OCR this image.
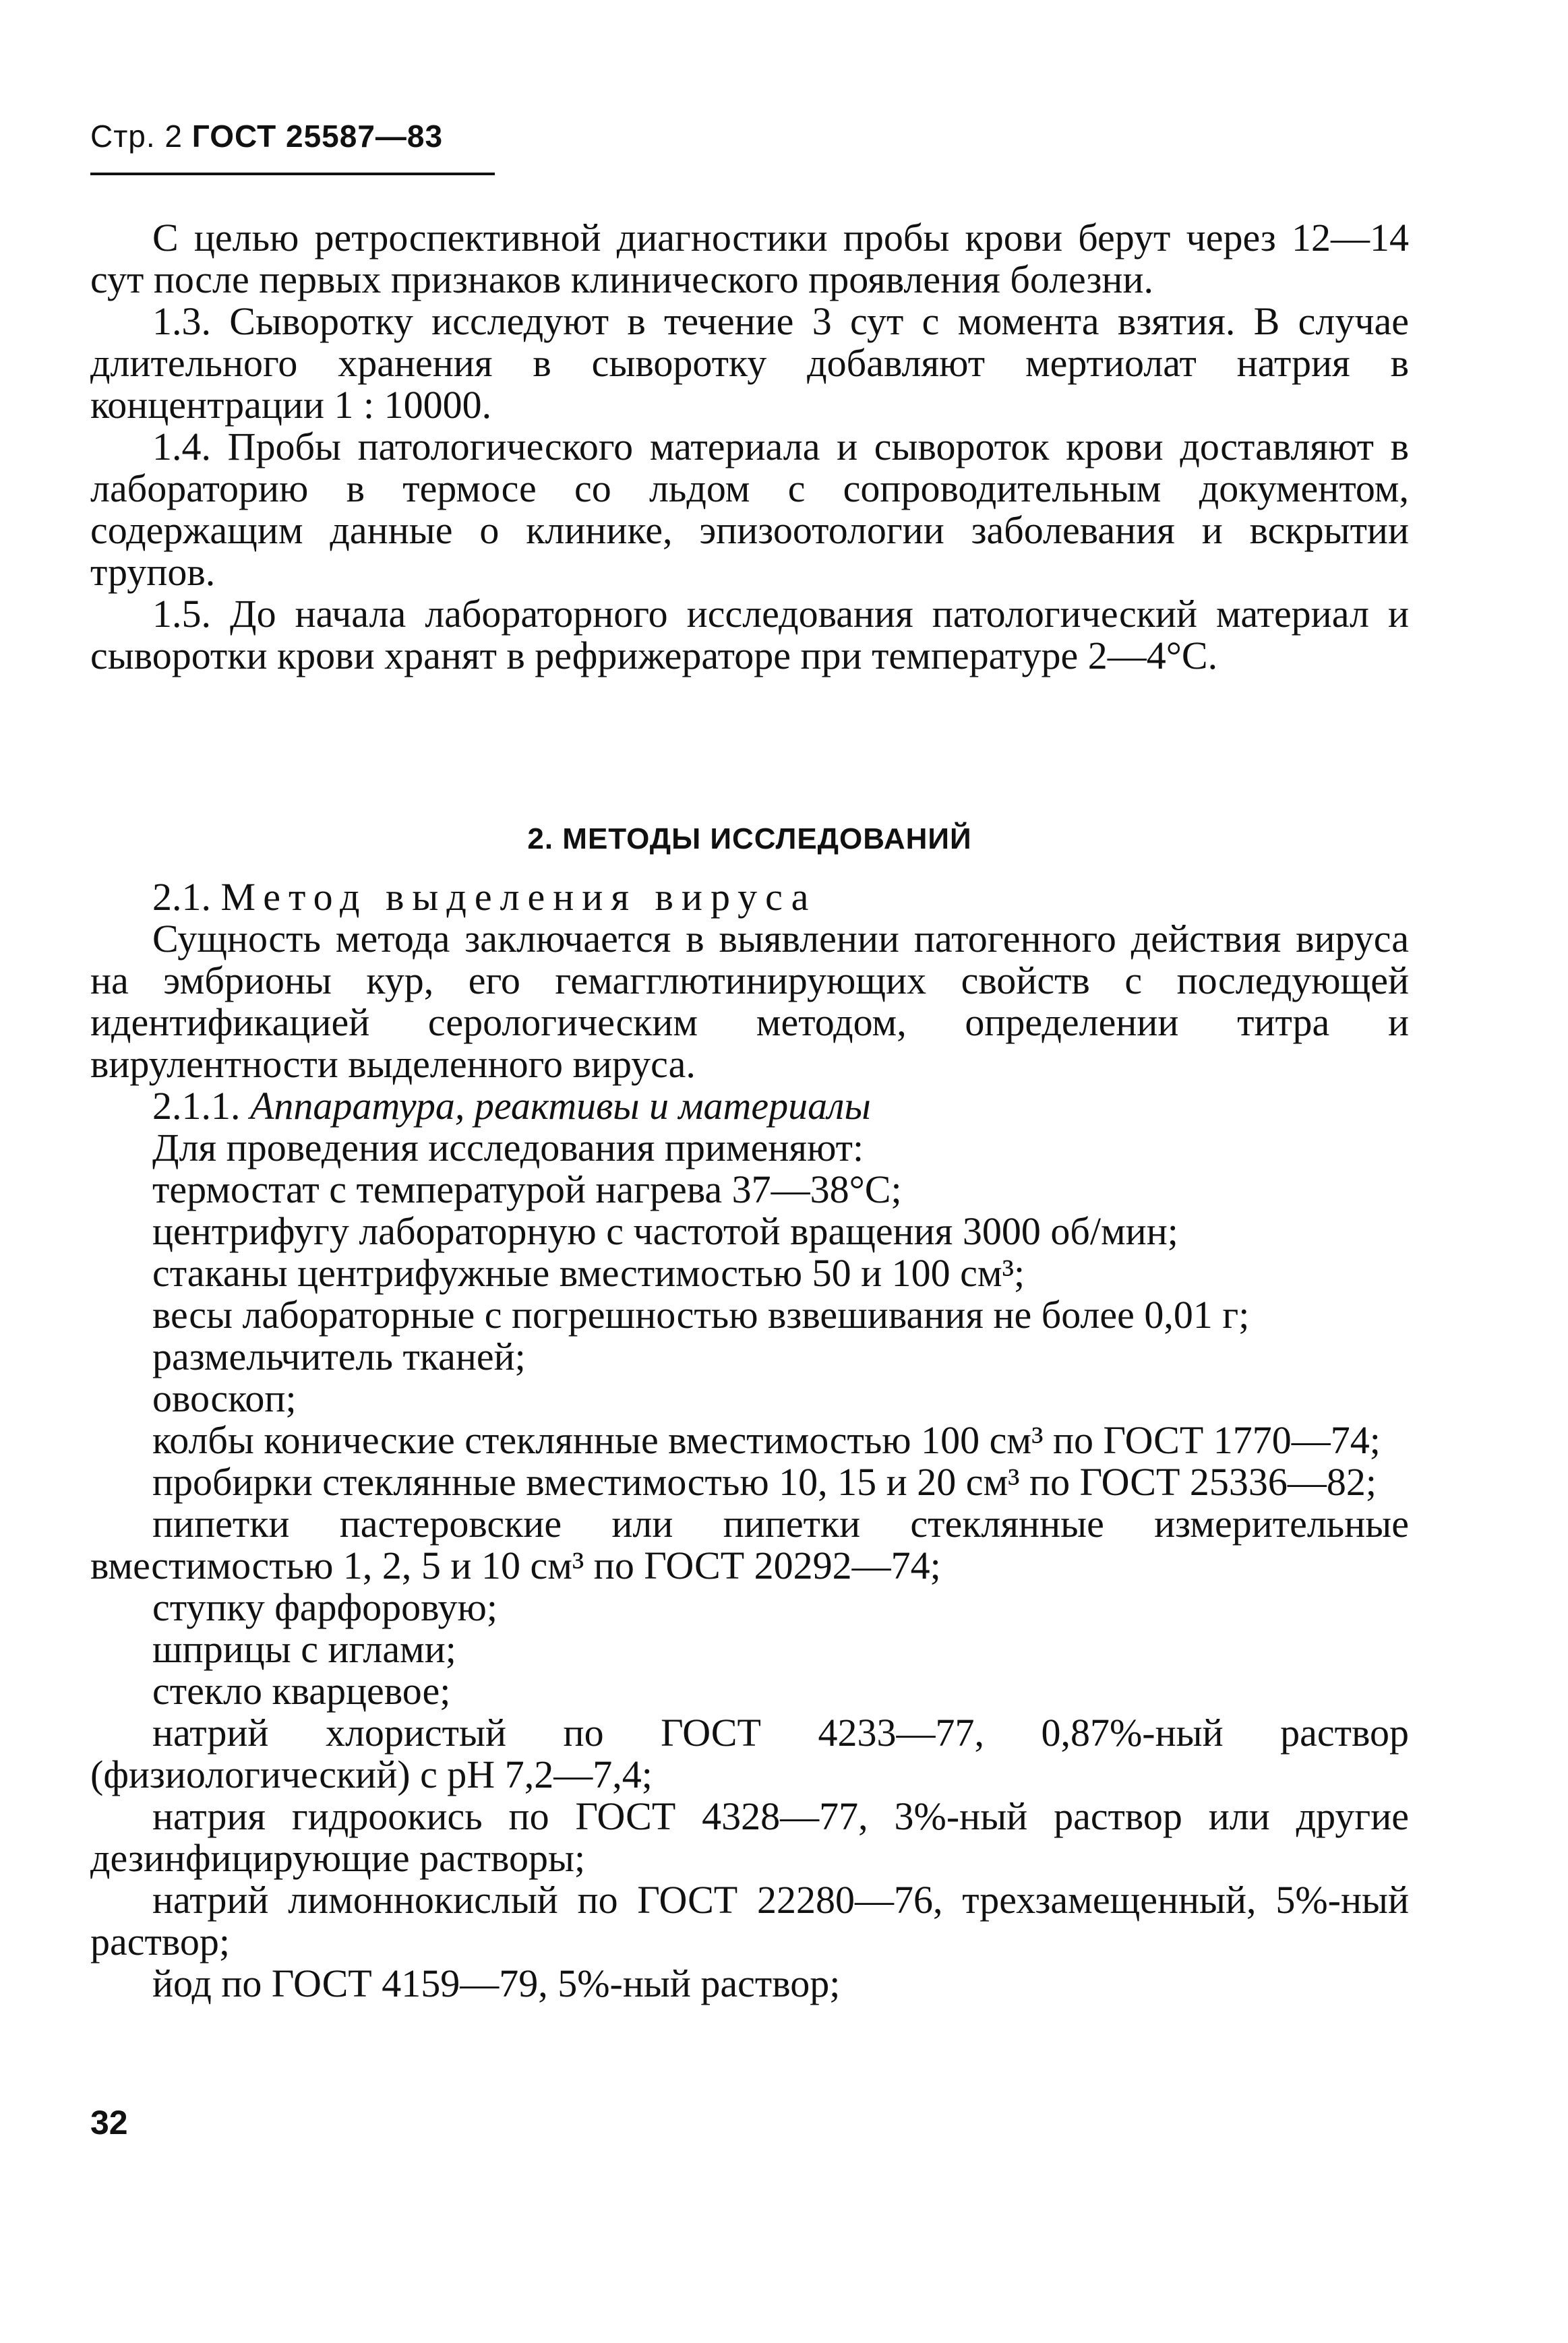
Стр. 2 ГОСТ 25587—83

С целью ретроспективной диагностики пробы крови берут через 12—14 сут после первых признаков клинического проявления болезни.

1.3. Сыворотку исследуют в течение 3 сут с момента взятия. В случае длительного хранения в сыворотку добавляют мертиолат натрия в концентрации 1 : 10000.

1.4. Пробы патологического материала и сывороток крови доставляют в лабораторию в термосе со льдом с сопроводительным документом, содержащим данные о клинике, эпизоотологии заболевания и вскрытии трупов.

1.5. До начала лабораторного исследования патологический материал и сыворотки крови хранят в рефрижераторе при температуре 2—4°С.

2. МЕТОДЫ ИССЛЕДОВАНИЙ

2.1. Метод выделения вируса

Сущность метода заключается в выявлении патогенного действия вируса на эмбрионы кур, его гемагглютинирующих свойств с последующей идентификацией серологическим методом, определении титра и вирулентности выделенного вируса.

2.1.1. Аппаратура, реактивы и материалы

Для проведения исследования применяют:

термостат с температурой нагрева 37—38°С;

центрифугу лабораторную с частотой вращения 3000 об/мин;

стаканы центрифужные вместимостью 50 и 100 см³;

весы лабораторные с погрешностью взвешивания не более 0,01 г;

размельчитель тканей;

овоскоп;

колбы конические стеклянные вместимостью 100 см³ по ГОСТ 1770—74;

пробирки стеклянные вместимостью 10, 15 и 20 см³ по ГОСТ 25336—82;

пипетки пастеровские или пипетки стеклянные измерительные вместимостью 1, 2, 5 и 10 см³ по ГОСТ 20292—74;

ступку фарфоровую;

шприцы с иглами;

стекло кварцевое;

натрий хлористый по ГОСТ 4233—77, 0,87%-ный раствор (физиологический) с рН 7,2—7,4;

натрия гидроокись по ГОСТ 4328—77, 3%-ный раствор или другие дезинфицирующие растворы;

натрий лимоннокислый по ГОСТ 22280—76, трехзамещенный, 5%-ный раствор;

йод по ГОСТ 4159—79, 5%-ный раствор;

32
